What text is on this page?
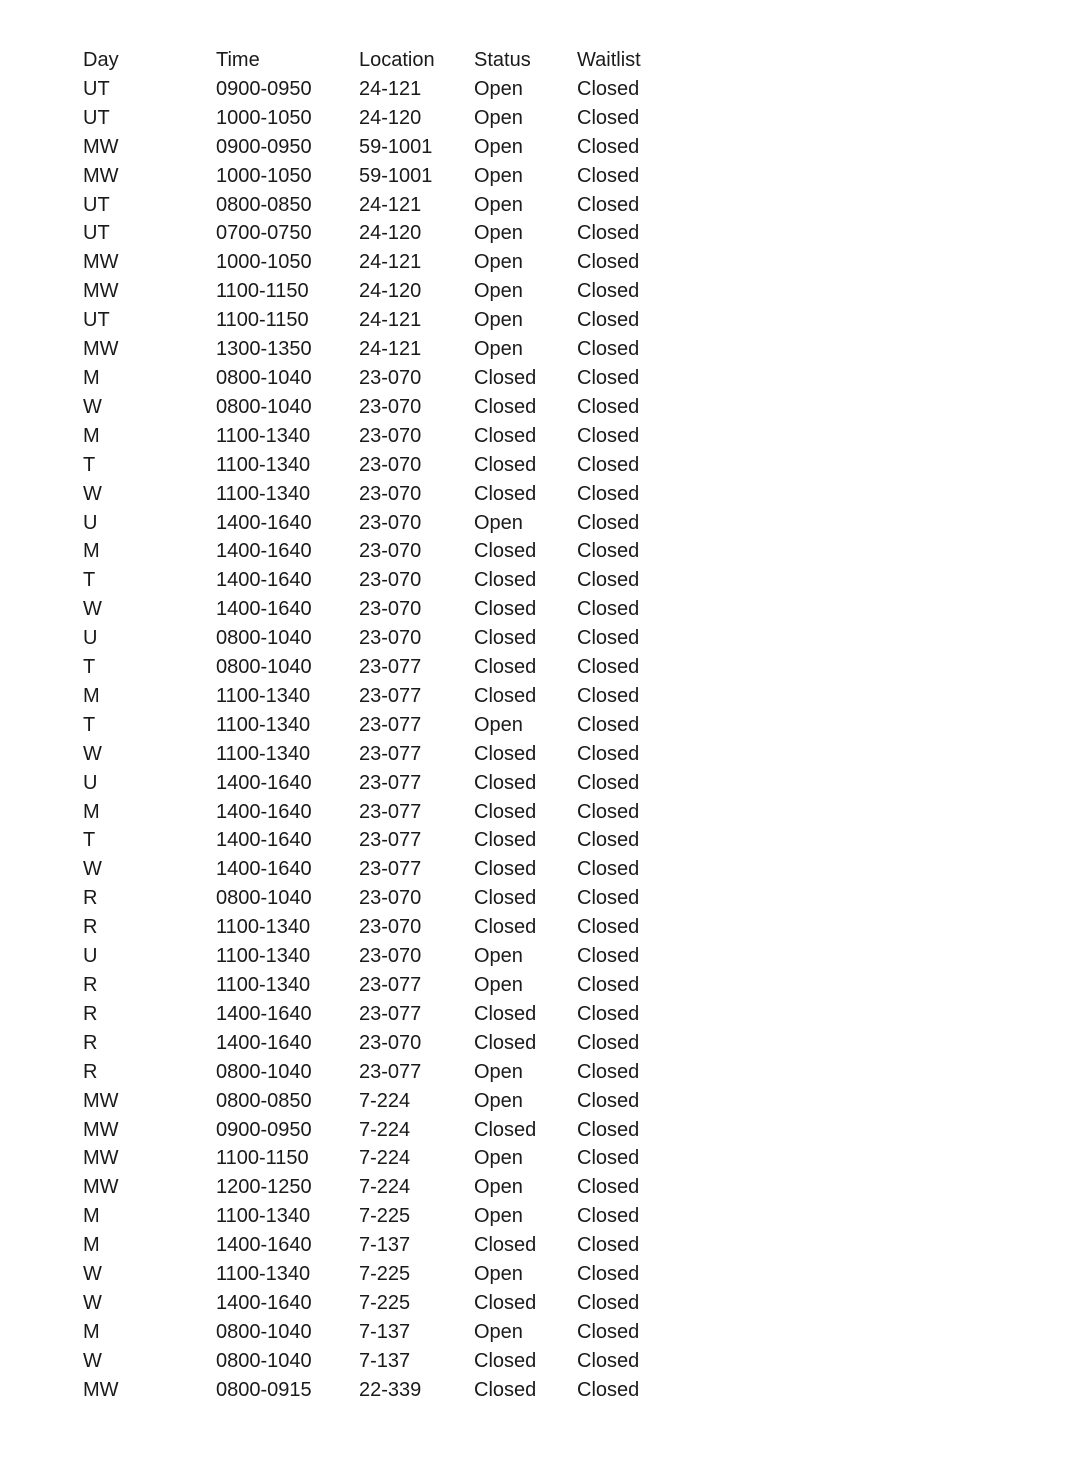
Day	Time	Location	Status	Waitlist
UT	0900-0950	24-121	Open	Closed
UT	1000-1050	24-120	Open	Closed
MW	0900-0950	59-1001	Open	Closed
MW	1000-1050	59-1001	Open	Closed
UT	0800-0850	24-121	Open	Closed
UT	0700-0750	24-120	Open	Closed
MW	1000-1050	24-121	Open	Closed
MW	1100-1150	24-120	Open	Closed
UT	1100-1150	24-121	Open	Closed
MW	1300-1350	24-121	Open	Closed
M	0800-1040	23-070	Closed	Closed
W	0800-1040	23-070	Closed	Closed
M	1100-1340	23-070	Closed	Closed
T	1100-1340	23-070	Closed	Closed
W	1100-1340	23-070	Closed	Closed
U	1400-1640	23-070	Open	Closed
M	1400-1640	23-070	Closed	Closed
T	1400-1640	23-070	Closed	Closed
W	1400-1640	23-070	Closed	Closed
U	0800-1040	23-070	Closed	Closed
T	0800-1040	23-077	Closed	Closed
M	1100-1340	23-077	Closed	Closed
T	1100-1340	23-077	Open	Closed
W	1100-1340	23-077	Closed	Closed
U	1400-1640	23-077	Closed	Closed
M	1400-1640	23-077	Closed	Closed
T	1400-1640	23-077	Closed	Closed
W	1400-1640	23-077	Closed	Closed
R	0800-1040	23-070	Closed	Closed
R	1100-1340	23-070	Closed	Closed
U	1100-1340	23-070	Open	Closed
R	1100-1340	23-077	Open	Closed
R	1400-1640	23-077	Closed	Closed
R	1400-1640	23-070	Closed	Closed
R	0800-1040	23-077	Open	Closed
MW	0800-0850	7-224	Open	Closed
MW	0900-0950	7-224	Closed	Closed
MW	1100-1150	7-224	Open	Closed
MW	1200-1250	7-224	Open	Closed
M	1100-1340	7-225	Open	Closed
M	1400-1640	7-137	Closed	Closed
W	1100-1340	7-225	Open	Closed
W	1400-1640	7-225	Closed	Closed
M	0800-1040	7-137	Open	Closed
W	0800-1040	7-137	Closed	Closed
MW	0800-0915	22-339	Closed	Closed
